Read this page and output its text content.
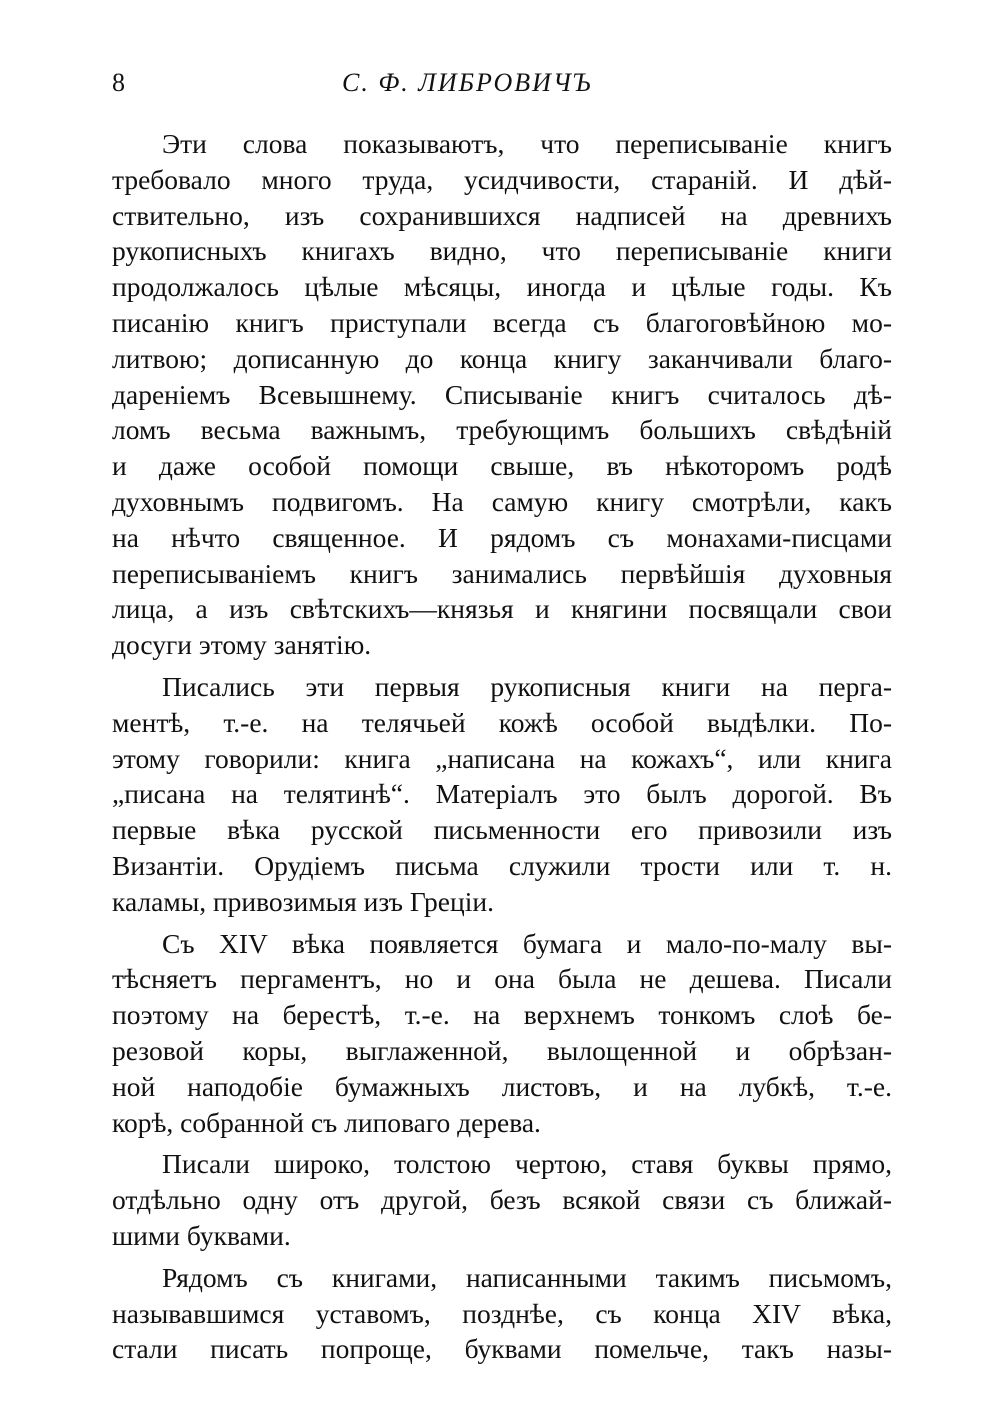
8	С. Ф. ЛИБРОВИЧЪ

Эти слова показываютъ, что переписываніе книгъ
требовало много труда, усидчивости, стараній. И дѣй-
ствительно, изъ сохранившихся надписей на древнихъ
рукописныхъ книгахъ видно, что переписываніе книги
продолжалось цѣлые мѣсяцы, иногда и цѣлые годы. Къ
писанію книгъ приступали всегда съ благоговѣйною мо-
литвою; дописанную до конца книгу заканчивали благо-
дареніемъ Всевышнему. Списываніе книгъ считалось дѣ-
ломъ весьма важнымъ, требующимъ большихъ свѣдѣній
и даже особой помощи свыше, въ нѣкоторомъ родѣ
духовнымъ подвигомъ. На самую книгу смотрѣли, какъ
на нѣчто священное. И рядомъ съ монахами-писцами
переписываніемъ книгъ занимались первѣйшія духовныя
лица, а изъ свѣтскихъ—князья и княгини посвящали свои
досуги этому занятію.

Писались эти первыя рукописныя книги на перга-
ментѣ, т.-е. на телячьей кожѣ особой выдѣлки. По-
этому говорили: книга „написана на кожахъ“, или книга
„писана на телятинѣ“. Матеріалъ это былъ дорогой. Въ
первые вѣка русской письменности его привозили изъ
Византіи. Орудіемъ письма служили трости или т. н.
каламы, привозимыя изъ Греціи.

Съ XIV вѣка появляется бумага и мало-по-малу вы-
тѣсняетъ пергаментъ, но и она была не дешева. Писали
поэтому на берестѣ, т.-е. на верхнемъ тонкомъ слоѣ бе-
резовой коры, выглаженной, вылощенной и обрѣзан-
ной наподобіе бумажныхъ листовъ, и на лубкѣ, т.-е.
корѣ, собранной съ липоваго дерева.

Писали широко, толстою чертою, ставя буквы прямо,
отдѣльно одну отъ другой, безъ всякой связи съ ближай-
шими буквами.

Рядомъ съ книгами, написанными такимъ письмомъ,
называвшимся уставомъ, позднѣе, съ конца XIV вѣка,
стали писать попроще, буквами помельче, такъ назы-
